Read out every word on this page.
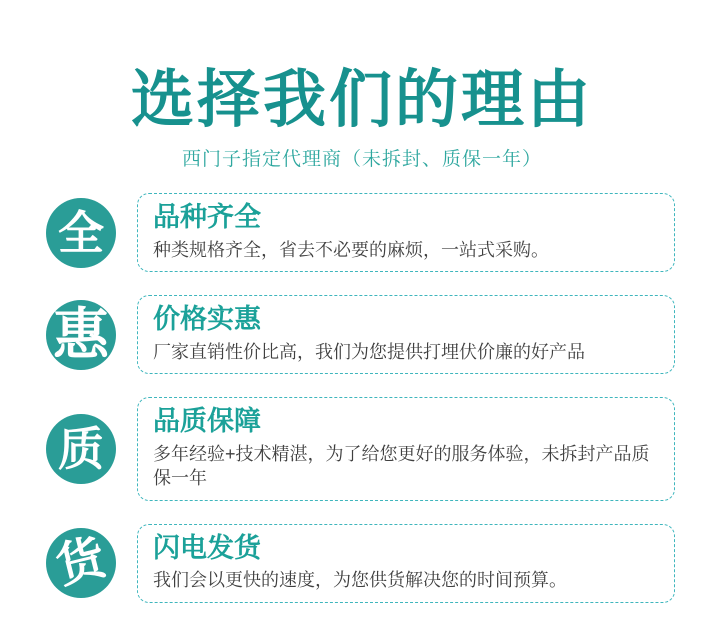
选择我们的理由
西门子指定代理商（未拆封、质保一年）
全 品种齐全

种类规格齐全，省去不必要的麻烦，一站式采购。

惠 价格实惠

厂家直销性价比高，我们为您提供打埋伏价廉的好产品

质
品质保障

多年经验+技术精湛，为了给您更好的服务体验，未拆封产品质保一年

货 闪电发货

我们会以更快的速度，为您供货解决您的时间预算。
